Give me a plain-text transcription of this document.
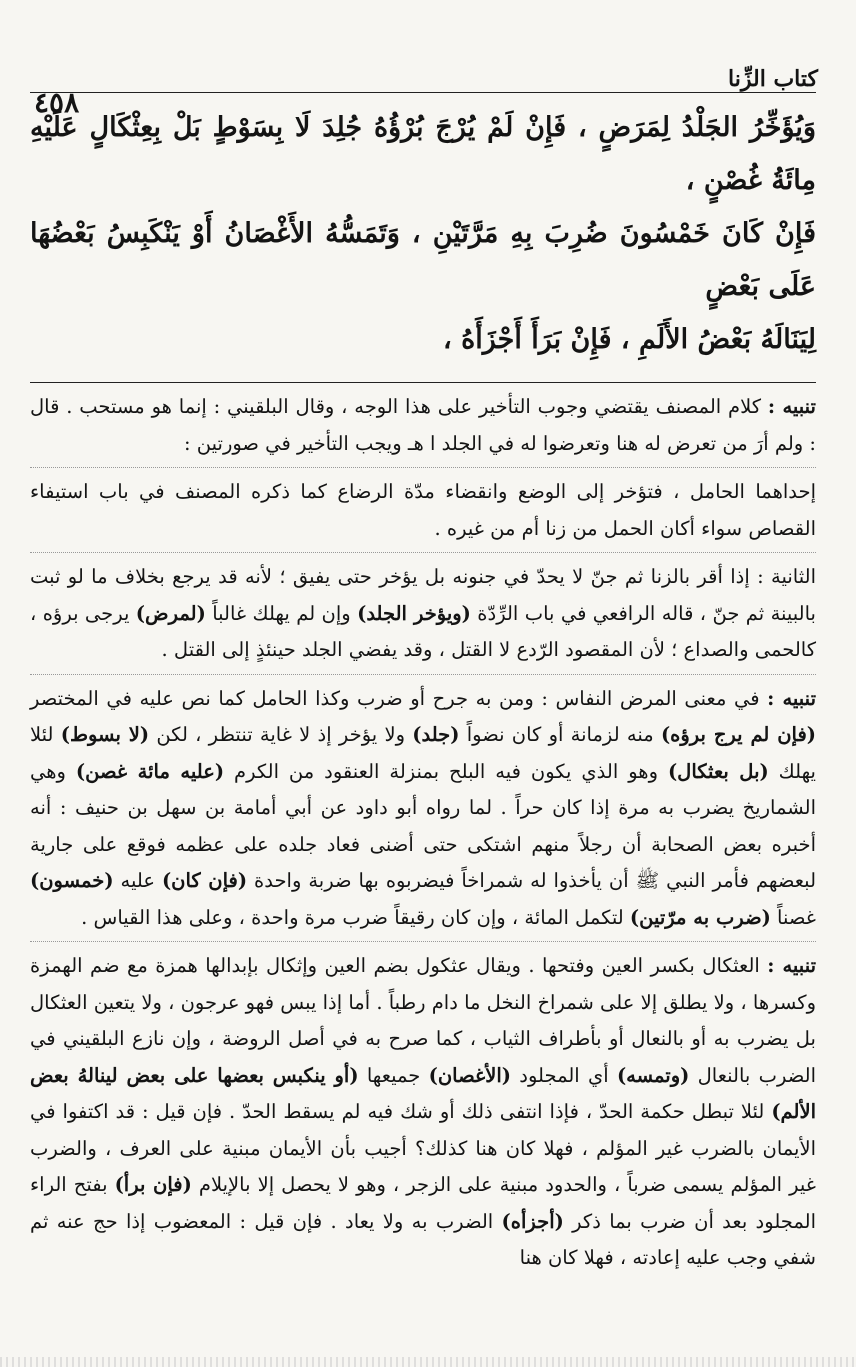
٤٥٨
كتاب الزِّنا

وَيُؤَخِّرُ الجَلْدُ لِمَرَضٍ ، فَإِنْ لَمْ يُرْجَ بُرْؤُهُ جُلِدَ لَا بِسَوْطٍ بَلْ بِعِثْكَالٍ عَلَيْهِ مِائَةُ غُصْنٍ ،

فَإِنْ كَانَ خَمْسُونَ ضُرِبَ بِهِ مَرَّتَيْنِ ، وَتَمَسُّهُ الأَغْصَانُ أَوْ يَنْكَبِسُ بَعْضُهَا عَلَى بَعْضٍ

لِيَنَالَهُ بَعْضُ الأَلَمِ ، فَإِنْ بَرَأَ أَجْزَأَهُ ،

تنبيه : كلام المصنف يقتضي وجوب التأخير على هذا الوجه ، وقال البلقيني : إنما هو مستحب . قال : ولم أرَ من تعرض له هنا وتعرضوا له في الجلد ا هـ ويجب التأخير في صورتين :

إحداهما الحامل ، فتؤخر إلى الوضع وانقضاء مدّة الرضاع كما ذكره المصنف في باب استيفاء القصاص سواء أكان الحمل من زنا أم من غيره .

الثانية : إذا أقر بالزنا ثم جنّ لا يحدّ في جنونه بل يؤخر حتى يفيق ؛ لأنه قد يرجع بخلاف ما لو ثبت بالبينة ثم جنّ ، قاله الرافعي في باب الرِّدّة (ويؤخر الجلد) وإن لم يهلك غالباً (لمرض) يرجى برؤه ، كالحمى والصداع ؛ لأن المقصود الرّدع لا القتل ، وقد يفضي الجلد حينئذٍ إلى القتل .

تنبيه : في معنى المرض النفاس : ومن به جرح أو ضرب وكذا الحامل كما نص عليه في المختصر (فإن لم يرج برؤه) منه لزمانة أو كان نضواً (جلد) ولا يؤخر إذ لا غاية تنتظر ، لكن (لا بسوط) لئلا يهلك (بل بعثكال) وهو الذي يكون فيه البلح بمنزلة العنقود من الكرم (عليه مائة غصن) وهي الشماريخ يضرب به مرة إذا كان حراً . لما رواه أبو داود عن أبي أمامة بن سهل بن حنيف : أنه أخبره بعض الصحابة أن رجلاً منهم اشتكى حتى أضنى فعاد جلده على عظمه فوقع على جارية لبعضهم فأمر النبي ﷺ أن يأخذوا له شمراخاً فيضربوه بها ضربة واحدة (فإن كان) عليه (خمسون) غصناً (ضرب به مرّتين) لتكمل المائة ، وإن كان رقيقاً ضرب مرة واحدة ، وعلى هذا القياس .

تنبيه : العثكال بكسر العين وفتحها . ويقال عثكول بضم العين وإثكال بإبدالها همزة مع ضم الهمزة وكسرها ، ولا يطلق إلا على شمراخ النخل ما دام رطباً . أما إذا يبس فهو عرجون ، ولا يتعين العثكال بل يضرب به أو بالنعال أو بأطراف الثياب ، كما صرح به في أصل الروضة ، وإن نازع البلقيني في الضرب بالنعال (وتمسه) أي المجلود (الأغصان) جميعها (أو ينكبس بعضها على بعض لينالهُ بعض الألم) لئلا تبطل حكمة الحدّ ، فإذا انتفى ذلك أو شك فيه لم يسقط الحدّ . فإن قيل : قد اكتفوا في الأيمان بالضرب غير المؤلم ، فهلا كان هنا كذلك؟ أجيب بأن الأيمان مبنية على العرف ، والضرب غير المؤلم يسمى ضرباً ، والحدود مبنية على الزجر ، وهو لا يحصل إلا بالإيلام (فإن برأ) بفتح الراء المجلود بعد أن ضرب بما ذكر (أجزأه) الضرب به ولا يعاد . فإن قيل : المعضوب إذا حج عنه ثم شفي وجب عليه إعادته ، فهلا كان هنا
